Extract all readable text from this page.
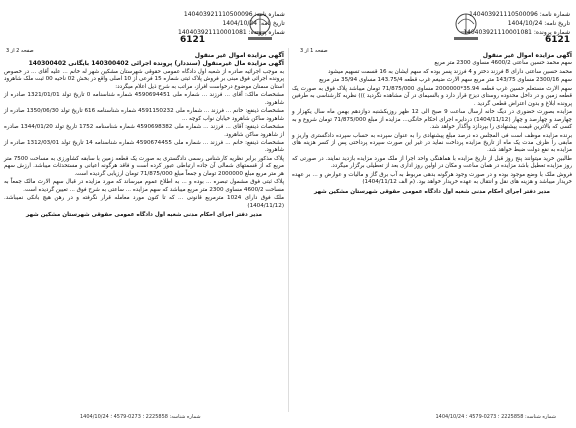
شماره نامه: 140403921110500096
تاریخ نامه: 1404/10/24
شماره پرونده: 140403921110001081
6121
شماره نامه: 140403921110500096
تاریخ نامه: 1404/10/24
شماره پرونده: 140403921110001081
6121
صفحه 2 از 3	صفحه 1 از 3
آگهی مزایده اموال غیر منقول

سهم محمد حسین ساعتی 4600/2 مساوی 2300 متر مربع

محمد حسین ساعتی دارای 8 فرزند دختر و 4 فرزند پسر بوده که سهم ایشان به 16 قسمت تسهیم میشود

سهم 2300/16 مساوی 143/75 متر مربع سهم الارث ضیغم غرب قطعه 143.75/4 مساوی 35/94 متر مربع

سهم الارث مستعلم حسین غرب قطعه 35.94*2000000 مساوی 71/875/000 تومان میباشد پلاک فوق به صورت یک قطعه زمین و در داخل محدوده روستای دیزج قرار دارد و بالسیمای در آن مشاهده نگردید ))) نظریه کارشناسی به طرفین پرونده ابلاغ و بدون اعتراض قطعی گردید .

مزایده بصورت حضوری در دیگ خانه ارسال ساعت 9 صبح الی 12 ظهر روزیکشنبه دوازدهم بهمن ماه سال یکهزار و چهارصد و چهارصد و چهار (1404/11/12) دردایره اجرای احکام خانگی... مزایده از مبلغ 71/875/000 تومان شروع و به کسی که بالاترین قیمت پیشنهادی را بپردازد واگذار خواهد شد.

برنده مزایده موظف است فی المجلس ده درصد مبلغ پیشنهادی را به عنوان سپرده به حساب سپرده دادگستری واریز و مابقی را ظرف مدت یک ماه از تاریخ مزایده پرداخت نماید در غیر این صورت سپرده پرداختی پس از کسر هزینه های مزایده به نفع دولت ضبط خواهد شد.

طالبین خرید میتوانند پنج روز قبل از تاریخ مزایده با هماهنگی واحد اجرا از ملک مورد مزایده بازدید نمایند. در صورتی که روز مزایده تعطیل باشد مزایده در همان ساعت و مکان در اولین روز اداری بعد از تعطیلی برگزار میگردد.

فروش ملک با وضع موجود بوده و در صورت وجود هرگونه بدهی مربوط به آب برق گاز و مالیات و عوارض و ... بر عهده خریدار میباشد و هزینه های نقل و انتقال به عهده خریدار خواهد بود. (م الف 1404/11/12)

مدیر دفتر اجرای احکام مدنی شعبه اول دادگاه عمومی حقوقی شهرستان مشکین شهر
آگهی مزایده اموال غیر منقول
آگهی مزایده مال غیرمنقول (سنددار) پرونده اجرائی 140300402 بایگانی 140300402

به موجب اجرائیه صادره از شعبه اول دادگاه عمومی حقوقی شهرستان مشکین شهر له خانم ... علیه آقای ... در خصوص پرونده اجرائی فوق مبنی بر فروش پلاک ثبتی شماره 15 فرعی از 10 اصلی واقع در بخش 02 ناحیه 00 ثبت ملک شاهرود استان سمنان موضوع درخواست افراز، مراتب به شرح ذیل اعلام میگردد:

مشخصات مالک: آقای ... فرزند ... شماره ملی 4590694451 شماره شناسنامه 0 تاریخ تولد 1321/01/01 صادره از شاهرود.

مشخصات ذینفع: خانم ... فرزند ... شماره ملی 4591150232 شماره شناسنامه 616 تاریخ تولد 1350/06/30 صادره از شاهرود ساکن شاهرود خیابان نواب کوچه ...

مشخصات ذینفع: آقای ... فرزند ... شماره ملی 4590698382 شماره شناسنامه 1752 تاریخ تولد 1344/01/20 صادره از شاهرود ساکن شاهرود.

مشخصات ذینفع: خانم ... فرزند ... شماره ملی 4590674455 شماره شناسنامه 14 تاریخ تولد 1312/03/01 صادره از شاهرود.

پلاک مذکور برابر نظریه کارشناس رسمی دادگستری به صورت یک قطعه زمین با سابقه کشاورزی به مساحت 7500 متر مربع که از قسمتهای شمالی آن جاده ارتباطی عبور کرده است و فاقد هرگونه اعیانی و مستحدثات میباشد. ارزش سهم هر متر مربع مبلغ 2000000 تومان و جمعاً مبلغ 71/875/000 تومان ارزیابی گردیده است.

پلاک ثبتی فوق مشمول تبصره ... بوده و ... به اطلاع عموم میرساند که مورد مزایده در قبال سهم الارث مالک جمعاً به مساحت 4600/2 مساوی 2300 متر مربع میباشد که سهم مزایده ... ساعتی به شرح فوق ... تعیین گردیده است.

ملک فوق دارای 1024 مترمربع قانونی ... که تا کنون مورد معامله قرار نگرفته و در رهن هیچ بانکی نمیباشد. (1404/11/12)

مدیر دفتر اجرای احکام مدنی شعبه اول دادگاه عمومی حقوقی شهرستان مشکین شهر
شماره شناسه: 2225858 ؛ 0273-4579 ؛ 1404/10/24
شماره شناسه: 2225858 ؛ 0273-4579 ؛ 1404/10/24
